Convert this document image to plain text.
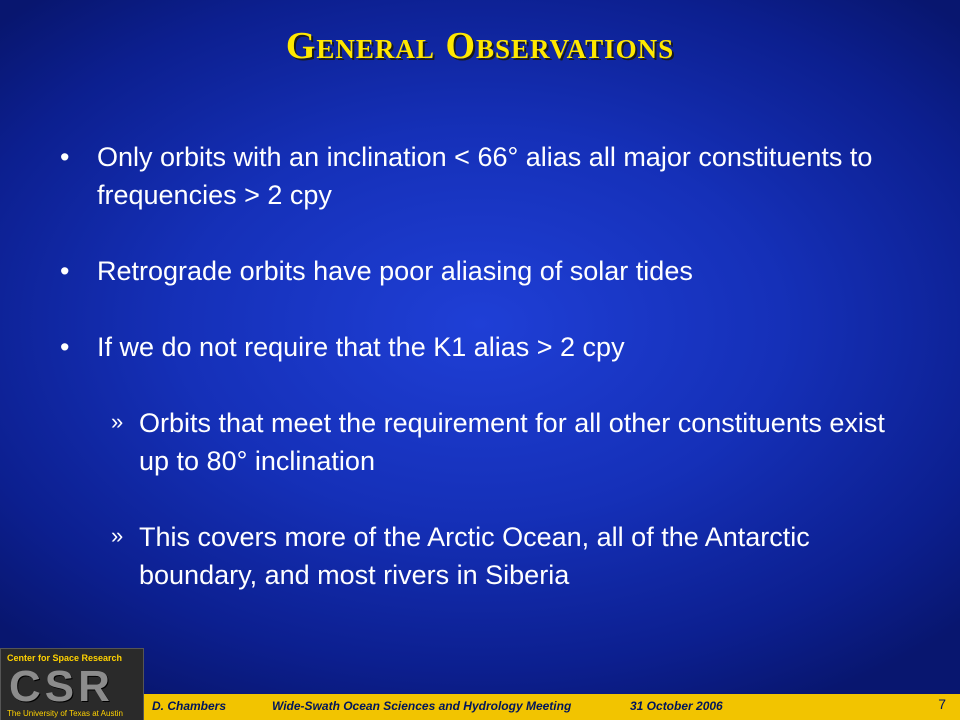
General Observations
•	Only orbits with an inclination < 66° alias all major constituents to frequencies > 2 cpy
•	Retrograde orbits have poor aliasing of solar tides
•	If we do not require that the K1 alias > 2 cpy
» Orbits that meet the requirement for all other constituents exist up to 80° inclination
» This covers more of the Arctic Ocean, all of the Antarctic boundary, and most rivers in Siberia
Center for Space Research
CSR
The University of Texas at Austin
D. Chambers	Wide-Swath Ocean Sciences and Hydrology Meeting	31 October 2006	7
